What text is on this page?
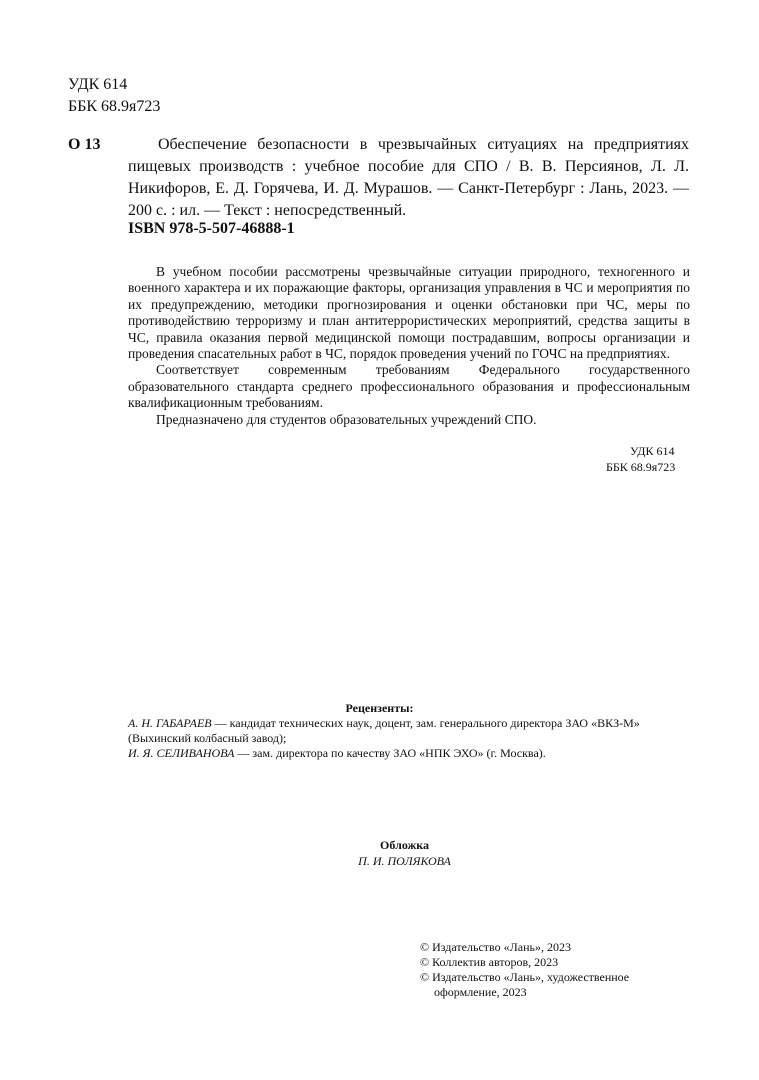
УДК 614
ББК 68.9я723
О 13	Обеспечение безопасности в чрезвычайных ситуациях на предприятиях пищевых производств : учебное пособие для СПО / В. В. Персиянов, Л. Л. Никифоров, Е. Д. Горячева, И. Д. Мурашов. — Санкт-Петербург : Лань, 2023. — 200 с. : ил. — Текст : непосредственный.

ISBN 978-5-507-46888-1

В учебном пособии рассмотрены чрезвычайные ситуации природного, техногенного и военного характера и их поражающие факторы, организация управления в ЧС и мероприятия по их предупреждению, методики прогнозирования и оценки обстановки при ЧС, меры по противодействию терроризму и план антитеррористических мероприятий, средства защиты в ЧС, правила оказания первой медицинской помощи пострадавшим, вопросы организации и проведения спасательных работ в ЧС, порядок проведения учений по ГОЧС на предприятиях.

Соответствует современным требованиям Федерального государственного образовательного стандарта среднего профессионального образования и профессиональным квалификационным требованиям.

Предназначено для студентов образовательных учреждений СПО.

УДК 614
ББК 68.9я723
Рецензенты:

А. Н. ГАБАРАЕВ — кандидат технических наук, доцент, зам. генерального директора ЗАО «ВКЗ-М» (Выхинский колбасный завод);

И. Я. СЕЛИВАНОВА — зам. директора по качеству ЗАО «НПК ЭХО» (г. Москва).

Обложка
П. И. ПОЛЯКОВА
© Издательство «Лань», 2023
© Коллектив авторов, 2023
© Издательство «Лань», художественное
оформление, 2023
